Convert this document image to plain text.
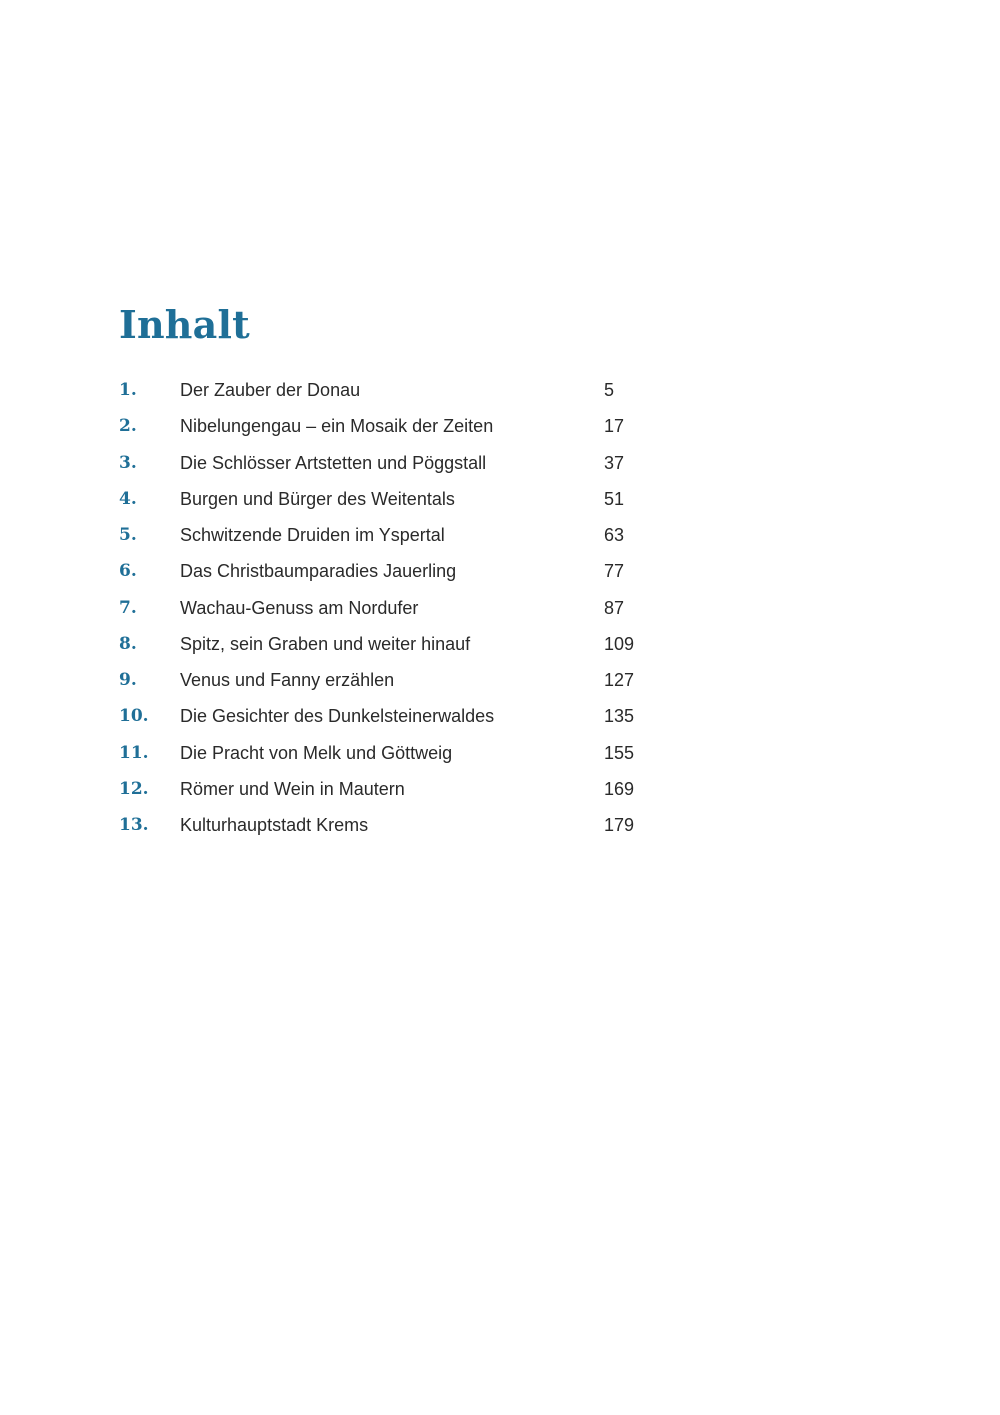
Inhalt
1. Der Zauber der Donau	5
2. Nibelungengau – ein Mosaik der Zeiten	17
3. Die Schlösser Artstetten und Pöggstall	37
4. Burgen und Bürger des Weitentals	51
5. Schwitzende Druiden im Yspertal	63
6. Das Christbaumparadies Jauerling	77
7. Wachau-Genuss am Nordufer	87
8. Spitz, sein Graben und weiter hinauf	109
9. Venus und Fanny erzählen	127
10. Die Gesichter des Dunkelsteinerwaldes	135
11. Die Pracht von Melk und Göttweig	155
12. Römer und Wein in Mautern	169
13. Kulturhauptstadt Krems	179
